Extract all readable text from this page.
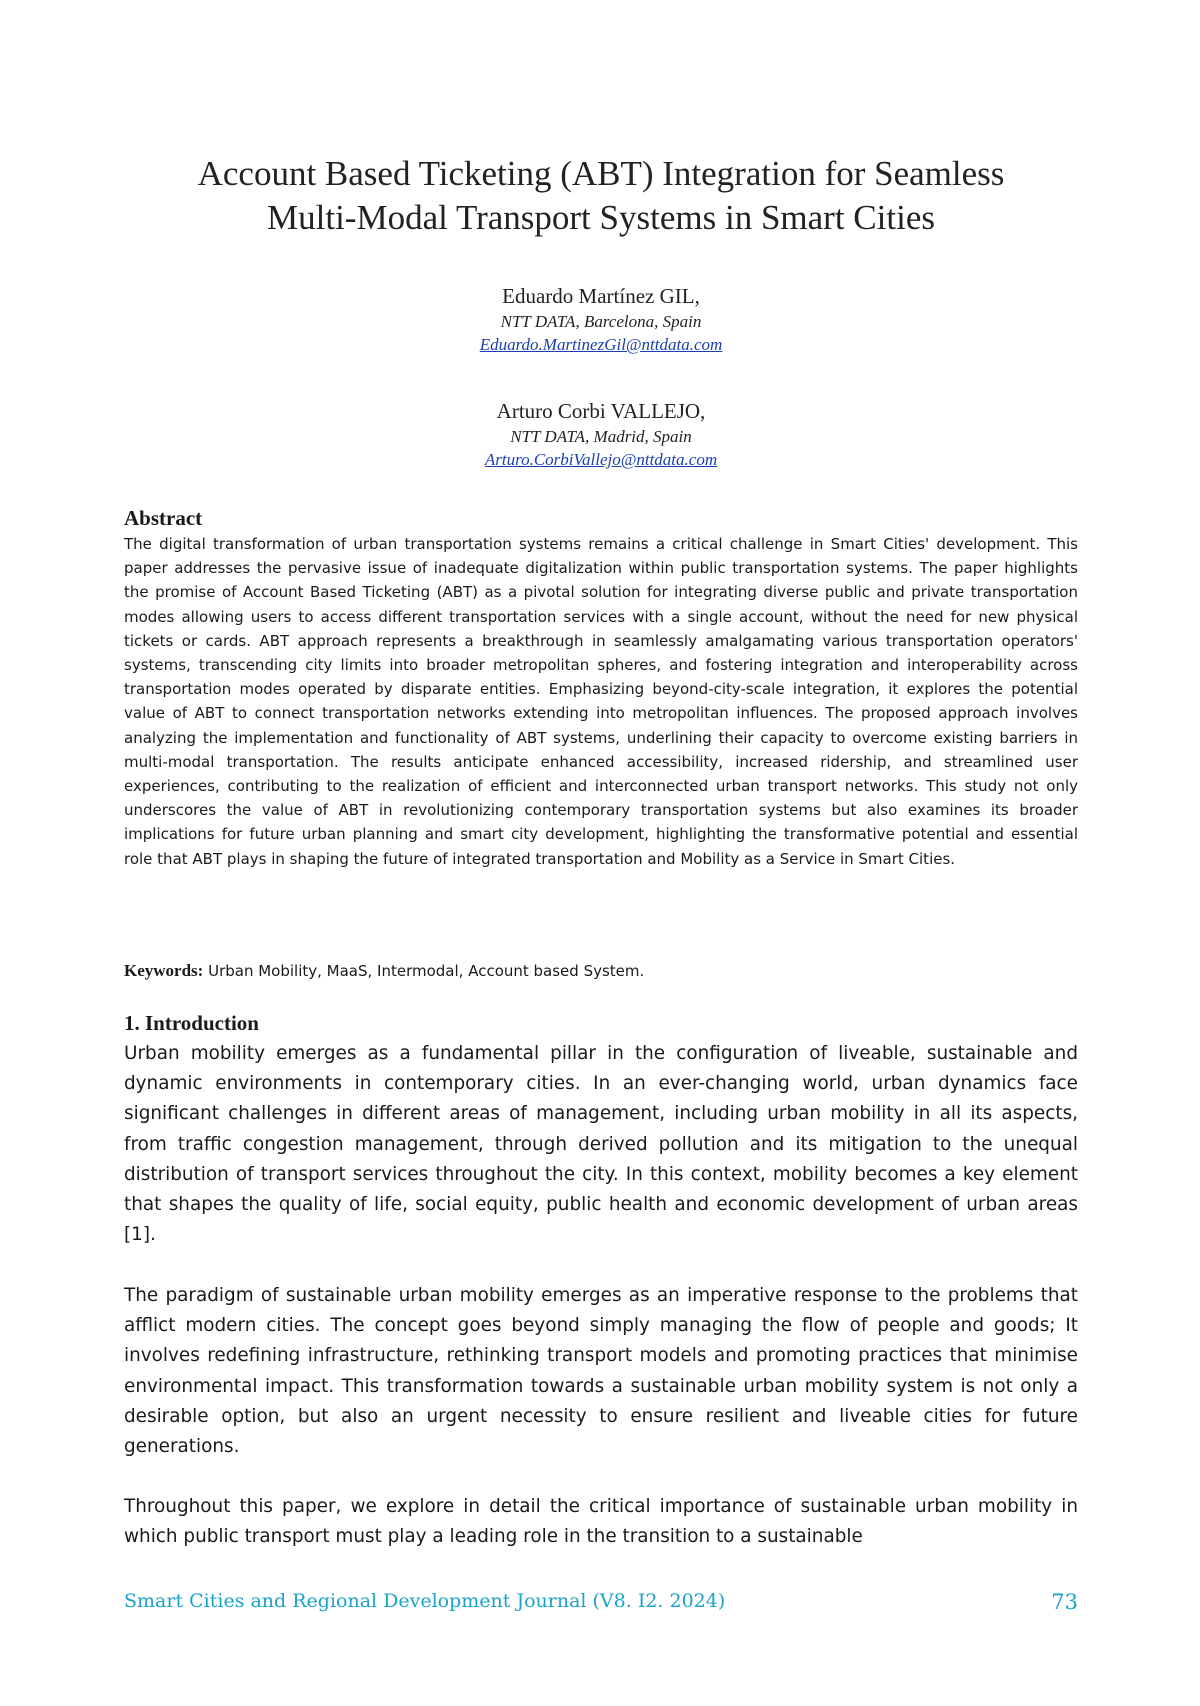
Account Based Ticketing (ABT) Integration for Seamless
Multi-Modal Transport Systems in Smart Cities
Eduardo Martínez GIL,
NTT DATA, Barcelona, Spain
Eduardo.MartinezGil@nttdata.com
Arturo Corbi VALLEJO,
NTT DATA, Madrid, Spain
Arturo.CorbiVallejo@nttdata.com
Abstract
The digital transformation of urban transportation systems remains a critical challenge in Smart Cities' development. This paper addresses the pervasive issue of inadequate digitalization within public transportation systems. The paper highlights the promise of Account Based Ticketing (ABT) as a pivotal solution for integrating diverse public and private transportation modes allowing users to access different transportation services with a single account, without the need for new physical tickets or cards. ABT approach represents a breakthrough in seamlessly amalgamating various transportation operators' systems, transcending city limits into broader metropolitan spheres, and fostering integration and interoperability across transportation modes operated by disparate entities. Emphasizing beyond-city-scale integration, it explores the potential value of ABT to connect transportation networks extending into metropolitan influences. The proposed approach involves analyzing the implementation and functionality of ABT systems, underlining their capacity to overcome existing barriers in multi-modal transportation. The results anticipate enhanced accessibility, increased ridership, and streamlined user experiences, contributing to the realization of efficient and interconnected urban transport networks. This study not only underscores the value of ABT in revolutionizing contemporary transportation systems but also examines its broader implications for future urban planning and smart city development, highlighting the transformative potential and essential role that ABT plays in shaping the future of integrated transportation and Mobility as a Service in Smart Cities.
Keywords: Urban Mobility, MaaS, Intermodal, Account based System.
1. Introduction
Urban mobility emerges as a fundamental pillar in the configuration of liveable, sustainable and dynamic environments in contemporary cities. In an ever-changing world, urban dynamics face significant challenges in different areas of management, including urban mobility in all its aspects, from traffic congestion management, through derived pollution and its mitigation to the unequal distribution of transport services throughout the city. In this context, mobility becomes a key element that shapes the quality of life, social equity, public health and economic development of urban areas [1].
The paradigm of sustainable urban mobility emerges as an imperative response to the problems that afflict modern cities. The concept goes beyond simply managing the flow of people and goods; It involves redefining infrastructure, rethinking transport models and promoting practices that minimise environmental impact. This transformation towards a sustainable urban mobility system is not only a desirable option, but also an urgent necessity to ensure resilient and liveable cities for future generations.
Throughout this paper, we explore in detail the critical importance of sustainable urban mobility in which public transport must play a leading role in the transition to a sustainable
Smart Cities and Regional Development Journal (V8. I2. 2024)	73
